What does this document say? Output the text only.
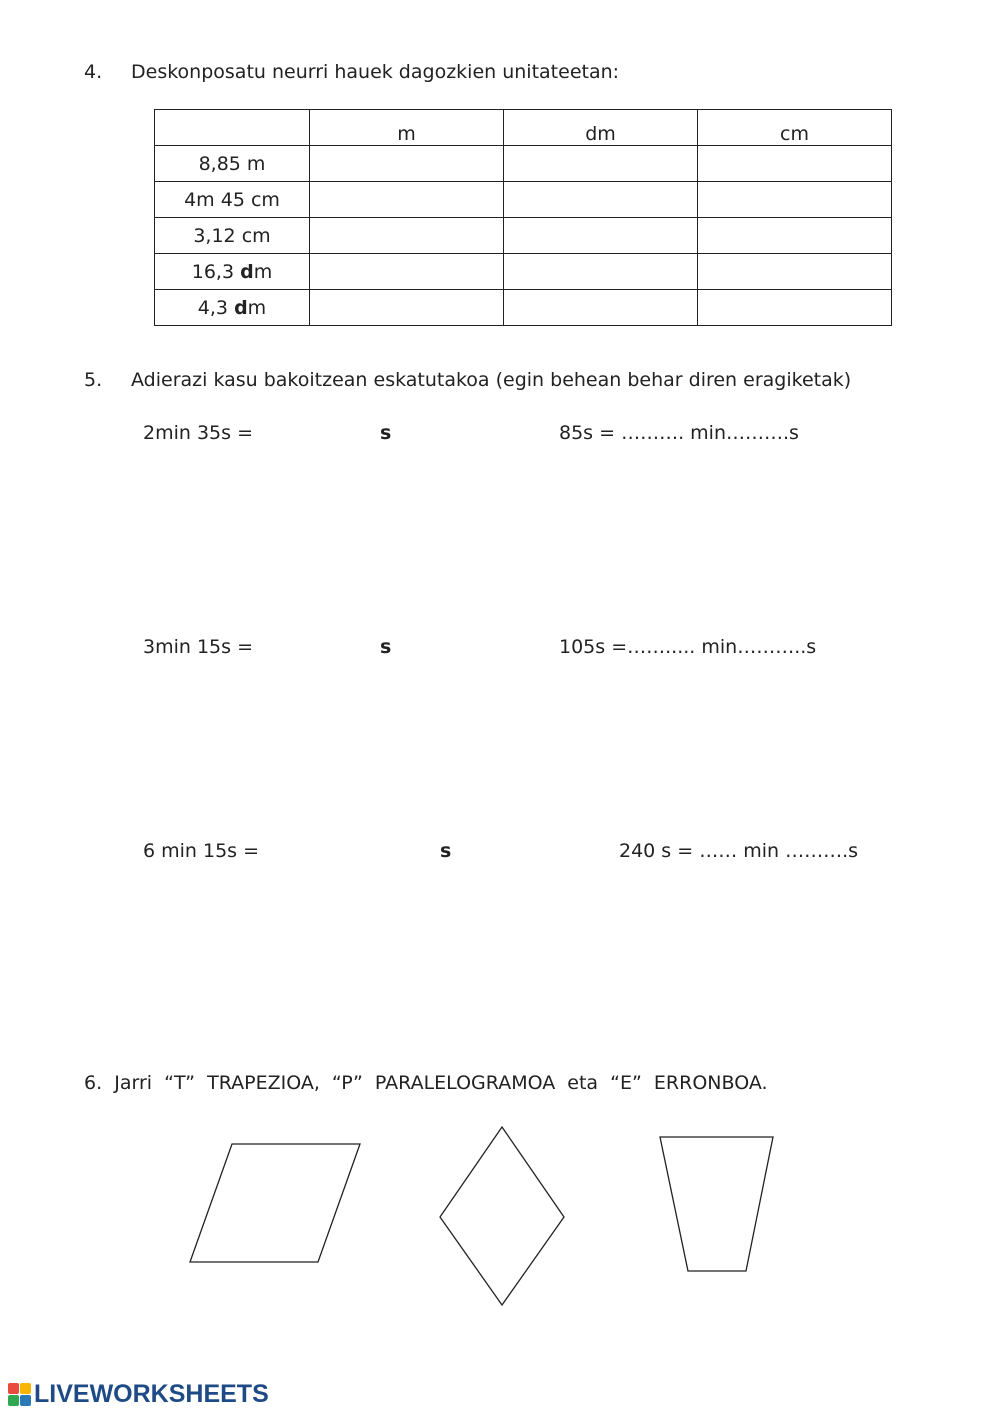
4. Deskonposatu neurri hauek dagozkien unitateetan:
	m	dm	cm
8,85 m			
4m 45 cm			
3,12 cm			
16,3 dm			
4,3 dm			
5. Adierazi kasu bakoitzean eskatutakoa (egin behean behar diren eragiketak)
2min 35s =	s	85s = ………. min……….s
3min 15s =	s	105s =……..... min………..s
6 min 15s =	s	240 s = …… min ……….s
6. Jarri  “T”  TRAPEZIOA,  “P”  PARALELOGRAMOA  eta  “E”  ERRONBOA.
LIVEWORKSHEETS
